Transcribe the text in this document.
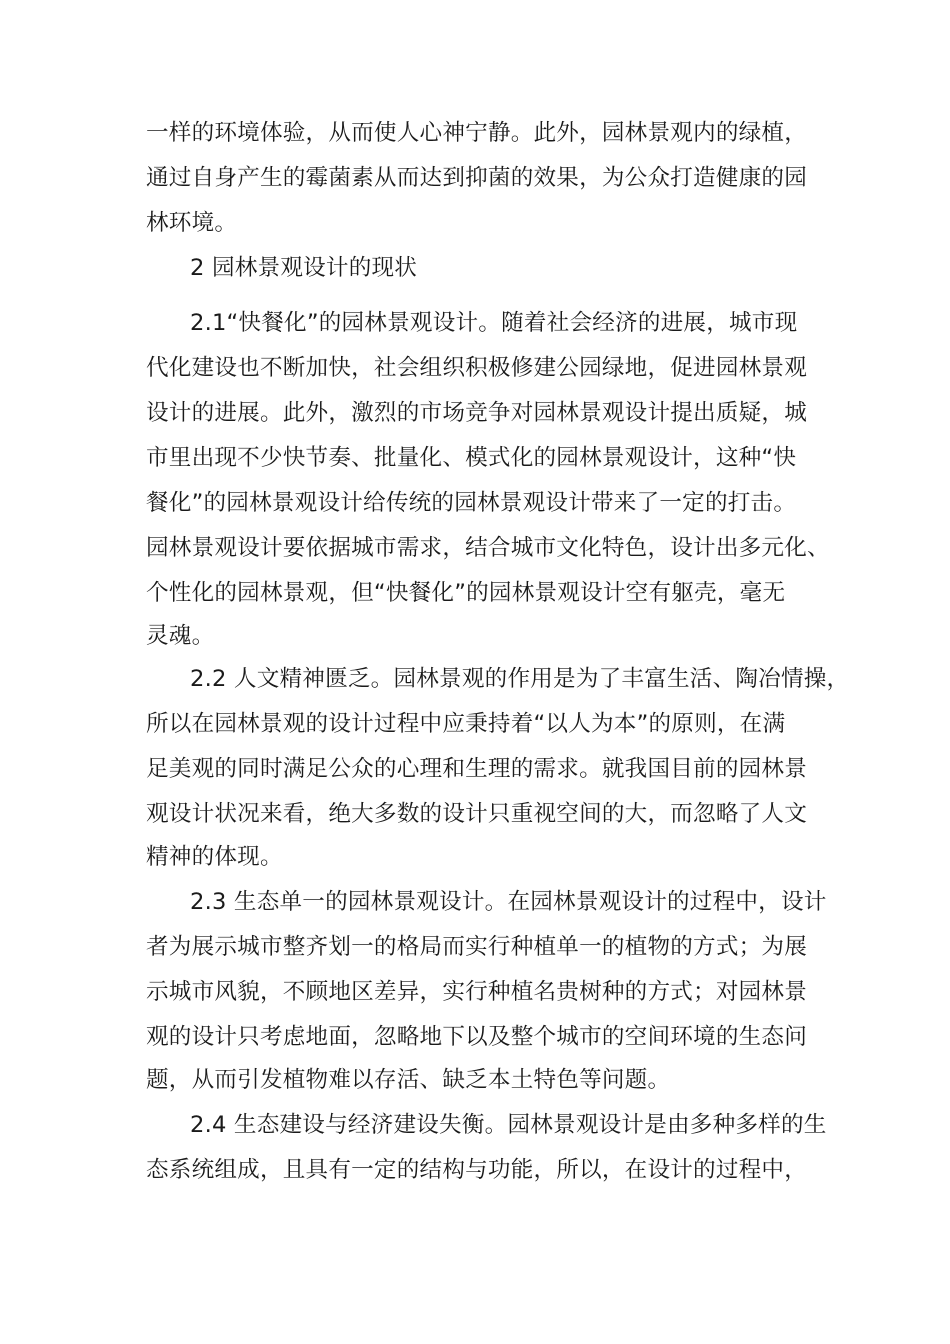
一样的环境体验，从而使人心神宁静。此外，园林景观内的绿植，
通过自身产生的霉菌素从而达到抑菌的效果，为公众打造健康的园
林环境。
2 园林景观设计的现状
2.1“快餐化”的园林景观设计。随着社会经济的进展，城市现
代化建设也不断加快，社会组织积极修建公园绿地，促进园林景观
设计的进展。此外，激烈的市场竞争对园林景观设计提出质疑，城
市里出现不少快节奏、批量化、模式化的园林景观设计，这种“快
餐化”的园林景观设计给传统的园林景观设计带来了一定的打击。
园林景观设计要依据城市需求，结合城市文化特色，设计出多元化、
个性化的园林景观，但“快餐化”的园林景观设计空有躯壳，毫无
灵魂。
2.2 人文精神匮乏。园林景观的作用是为了丰富生活、陶冶情操，
所以在园林景观的设计过程中应秉持着“以人为本”的原则，在满
足美观的同时满足公众的心理和生理的需求。就我国目前的园林景
观设计状况来看，绝大多数的设计只重视空间的大，而忽略了人文
精神的体现。
2.3 生态单一的园林景观设计。在园林景观设计的过程中，设计
者为展示城市整齐划一的格局而实行种植单一的植物的方式；为展
示城市风貌，不顾地区差异，实行种植名贵树种的方式；对园林景
观的设计只考虑地面，忽略地下以及整个城市的空间环境的生态问
题，从而引发植物难以存活、缺乏本土特色等问题。
2.4 生态建设与经济建设失衡。园林景观设计是由多种多样的生
态系统组成，且具有一定的结构与功能，所以，在设计的过程中，
